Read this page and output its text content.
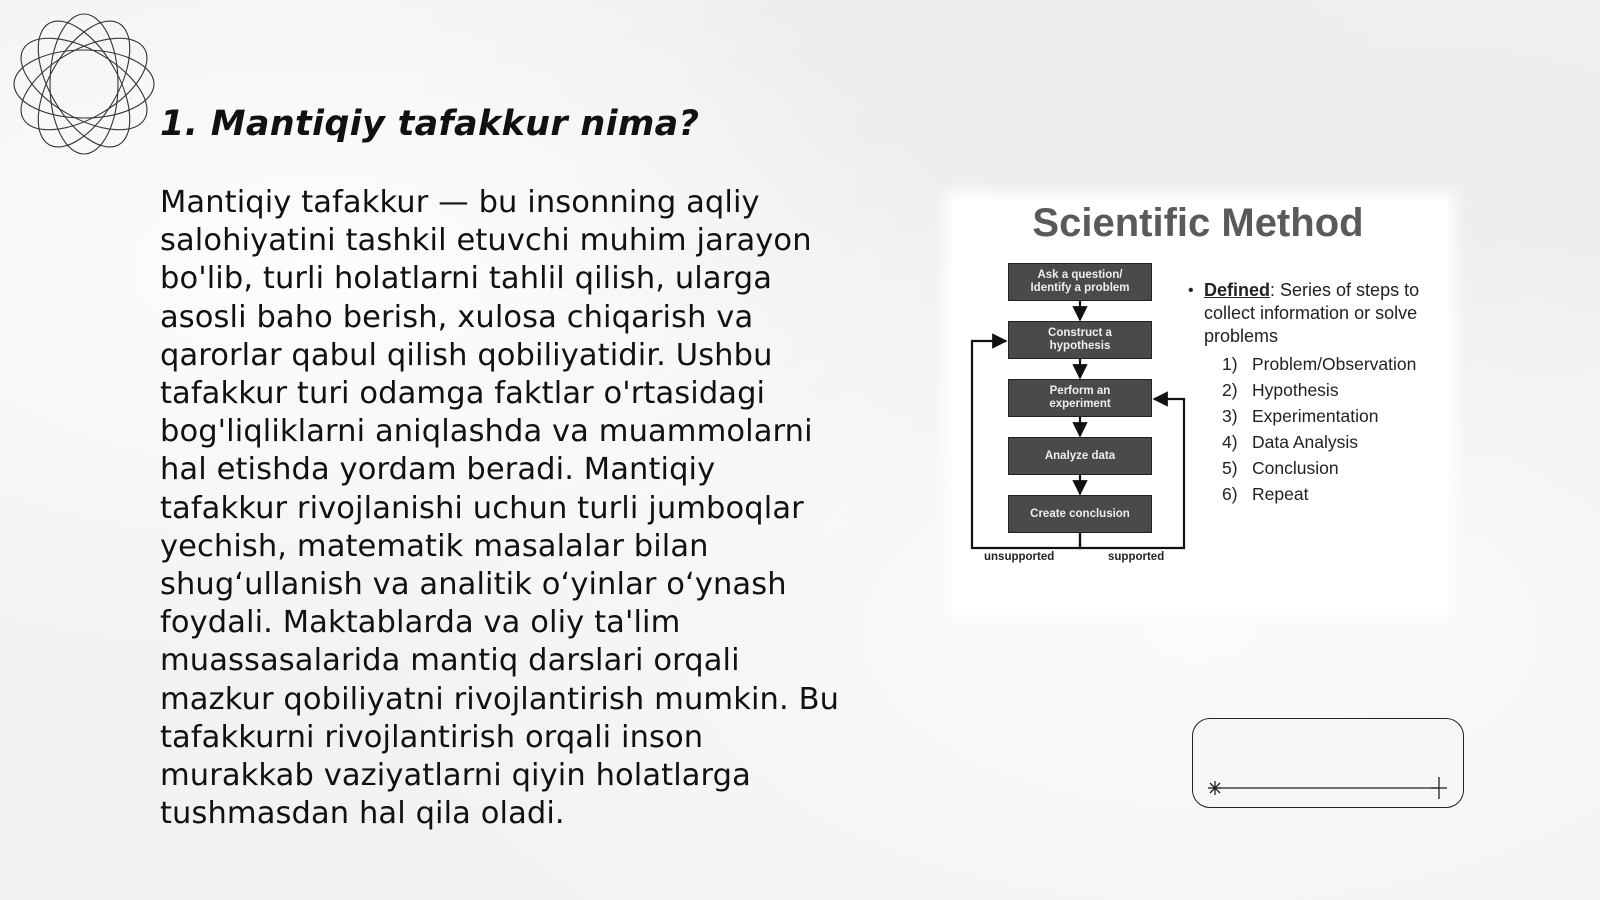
1. Mantiqiy tafakkur nima?

Mantiqiy tafakkur — bu insonning aqliy salohiyatini tashkil etuvchi muhim jarayon bo'lib, turli holatlarni tahlil qilish, ularga asosli baho berish, xulosa chiqarish va qarorlar qabul qilish qobiliyatidir. Ushbu tafakkur turi odamga faktlar o'rtasidagi bog'liqliklarni aniqlashda va muammolarni hal etishda yordam beradi. Mantiqiy tafakkur rivojlanishi uchun turli jumboqlar yechish, matematik masalalar bilan shug‘ullanish va analitik o‘yinlar o‘ynash foydali. Maktablarda va oliy ta'lim muassasalarida mantiq darslari orqali mazkur qobiliyatni rivojlantirish mumkin. Bu tafakkurni rivojlantirish orqali inson murakkab vaziyatlarni qiyin holatlarga tushmasdan hal qila oladi.

Scientific Method
Ask a question/
Identify a problem
Construct a
hypothesis
Perform an
experiment
Analyze data
Create conclusion
unsupported	supported
• Defined: Series of steps to collect information or solve problems
1) Problem/Observation
2) Hypothesis
3) Experimentation
4) Data Analysis
5) Conclusion
6) Repeat
